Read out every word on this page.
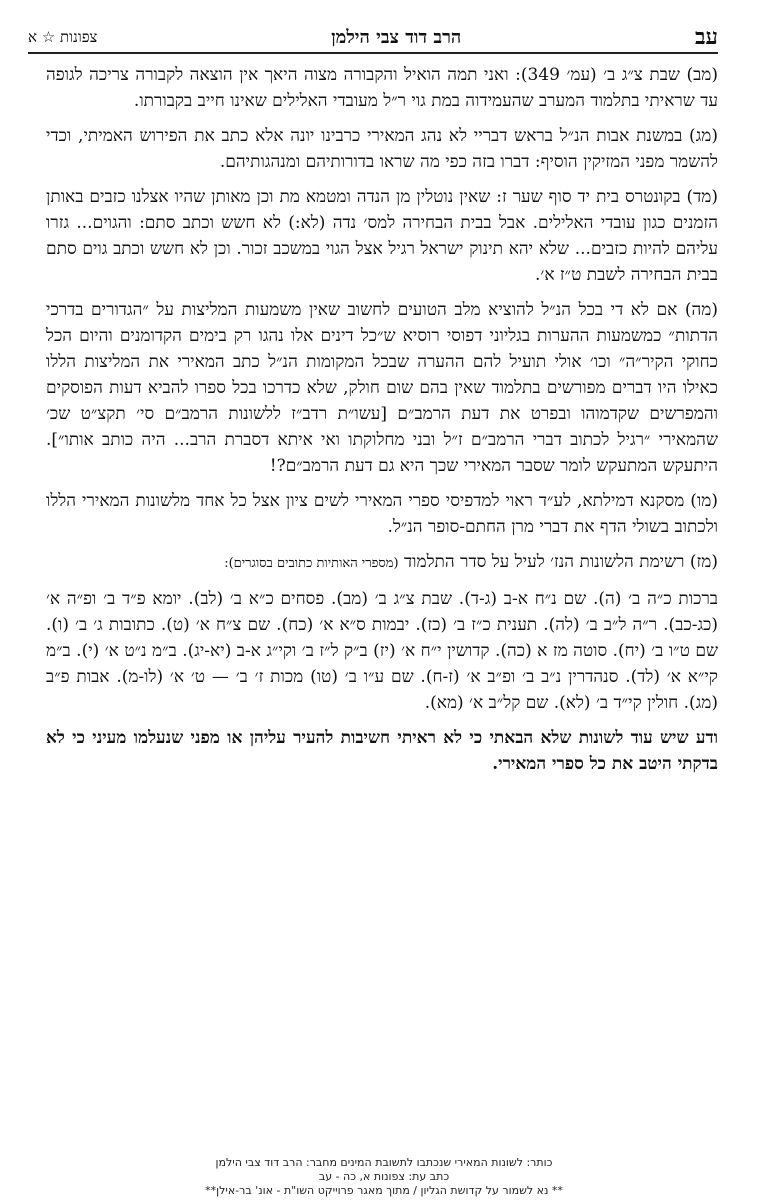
עב
הרב דוד צבי הילמן
צפונות ☆ א

(מב) שבת צ״ג ב׳ (עמ׳ 349): ואני תמה הואיל והקבורה מצוה היאך אין הוצאה לקבורה צריכה לגופה עד שראיתי בתלמוד המערב שהעמידוה במת גוי ר״ל מעובדי האלילים שאינו חייב בקבורתו.

(מג) במשנת אבות הנ״ל בראש דבריי לא נהג המאירי כרבינו יונה אלא כתב את הפירוש האמיתי, וכדי להשמר מפני המזיקין הוסיף: דברו בזה כפי מה שראו בדורותיהם ומנהגותיהם.

(מד) בקונטרס בית יד סוף שער ז: שאין נוטלין מן הנדה ומטמא מת וכן מאותן שהיו אצלנו כזבים באותן הזמנים כגון עובדי האלילים. אבל בבית הבחירה למס׳ נדה (לא:) לא חשש וכתב סתם: והגוים... גזרו עליהם להיות כזבים... שלא יהא תינוק ישראל רגיל אצל הגוי במשכב זכור. וכן לא חשש וכתב גוים סתם בבית הבחירה לשבת ט״ז א׳.

(מה) אם לא די בכל הנ״ל להוציא מלב הטועים לחשוב שאין משמעות המליצות על ״הגדורים בדרכי הדתות״ כמשמעות ההערות בגליוני דפוסי רוסיא ש״כל דינים אלו נהגו רק בימים הקדומנים והיום הכל כחוקי הקיר״ה״ וכו׳ אולי תועיל להם ההערה שבכל המקומות הנ״ל כתב המאירי את המליצות הללו כאילו היו דברים מפורשים בתלמוד שאין בהם שום חולק, שלא כדרכו בכל ספרו להביא דעות הפוסקים והמפרשים שקדמוהו ובפרט את דעת הרמב״ם [עשו״ת רדב״ז ללשונות הרמב״ם סי׳ תקצ״ט שכ׳ שהמאירי ״רגיל לכתוב דברי הרמב״ם ז״ל ובני מחלוקתו ואי איתא דסברת הרב... היה כותב אותו״]. היתעקש המתעקש לומר שסבר המאירי שכך היא גם דעת הרמב״ם?!

(מו) מסקנא דמילתא, לע״ד ראוי למדפיסי ספרי המאירי לשים ציון אצל כל אחד מלשונות המאירי הללו ולכתוב בשולי הדף את דברי מרן החתם-סופר הנ״ל.

(מז) רשימת הלשונות הנז׳ לעיל על סדר התלמוד (מספרי האותיות כתובים בסוגרים):

ברכות כ״ה ב׳ (ה). שם נ״ח א-ב (ג-ד). שבת צ״ג ב׳ (מב). פסחים כ״א ב׳ (לב). יומא פ״ד ב׳ ופ״ה א׳ (כג-כב). ר״ה ל״ב ב׳ (לה). תענית כ״ז ב׳ (כז). יבמות ס״א א׳ (כח). שם צ״ח א׳ (ט). כתובות ג׳ ב׳ (ו). שם ט״ו ב׳ (יח). סוטה מז א (כה). קדושין י״ח א׳ (יז) ב״ק ל״ז ב׳ וקי״ג א-ב (יא-יג). ב״מ נ״ט א׳ (י). ב״מ קי״א א׳ (לד). סנהדרין נ״ב ב׳ ופ״ב א׳ (ז-ח). שם ע״ו ב׳ (טו) מכות ז׳ ב׳ — ט׳ א׳ (לו-מ). אבות פ״ב (מג). חולין קי״ד ב׳ (לא). שם קל״ב א׳ (מא).

ודע שיש עוד לשונות שלא הבאתי כי לא ראיתי חשיבות להעיר עליהן או מפני שנעלמו מעיני כי לא בדקתי היטב את כל ספרי המאירי.

כותר: לשונות המאירי שנכתבו לתשובת המינים מחבר: הרב דוד צבי הילמן
כתב עת: צפונות א, כה - עב
** נא לשמור על קדושת הגליון / מתוך מאגר פרוייקט השו"ת - אונ' בר-אילן**
